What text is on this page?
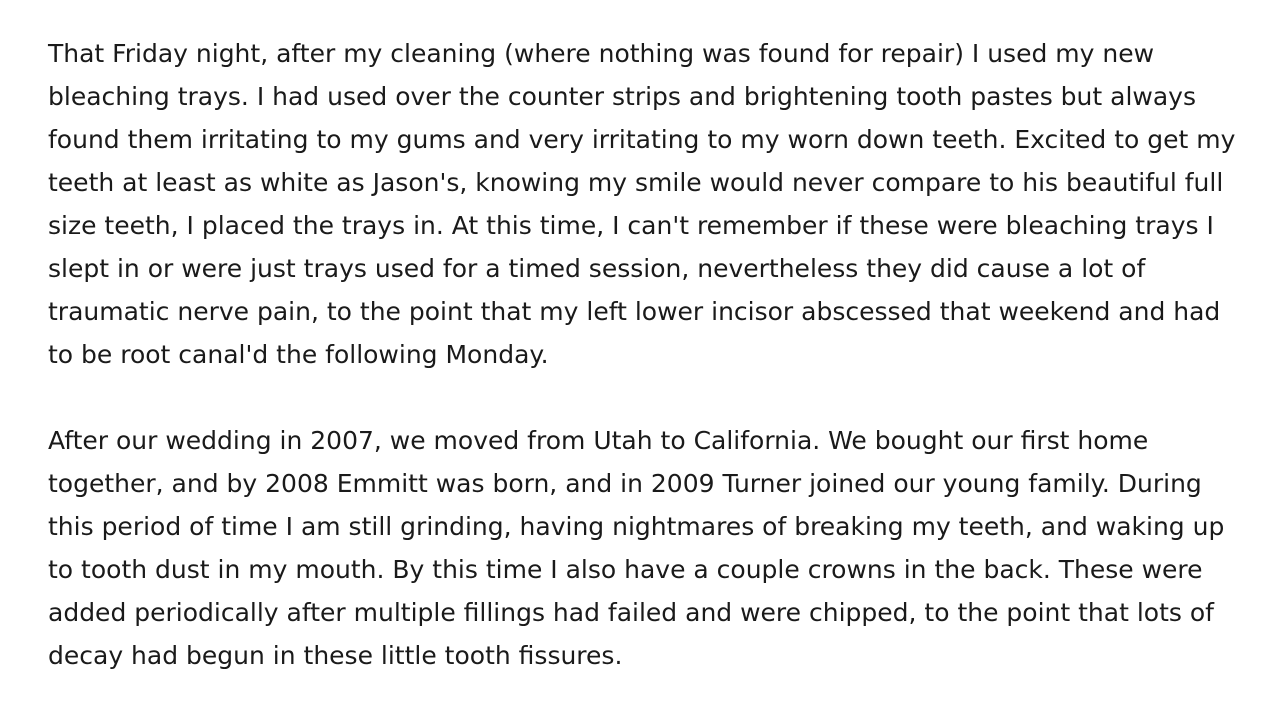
That Friday night, after my cleaning (where nothing was found for repair) I used my new
bleaching trays. I had used over the counter strips and brightening tooth pastes but always
found them irritating to my gums and very irritating to my worn down teeth. Excited to get my
teeth at least as white as Jason's, knowing my smile would never compare to his beautiful full
size teeth, I placed the trays in. At this time, I can't remember if these were bleaching trays I
slept in or were just trays used for a timed session, nevertheless they did cause a lot of
traumatic nerve pain, to the point that my left lower incisor abscessed that weekend and had
to be root canal'd the following Monday.

After our wedding in 2007, we moved from Utah to California. We bought our first home
together, and by 2008 Emmitt was born, and in 2009 Turner joined our young family. During
this period of time I am still grinding, having nightmares of breaking my teeth, and waking up
to tooth dust in my mouth. By this time I also have a couple crowns in the back. These were
added periodically after multiple fillings had failed and were chipped, to the point that lots of
decay had begun in these little tooth fissures.
